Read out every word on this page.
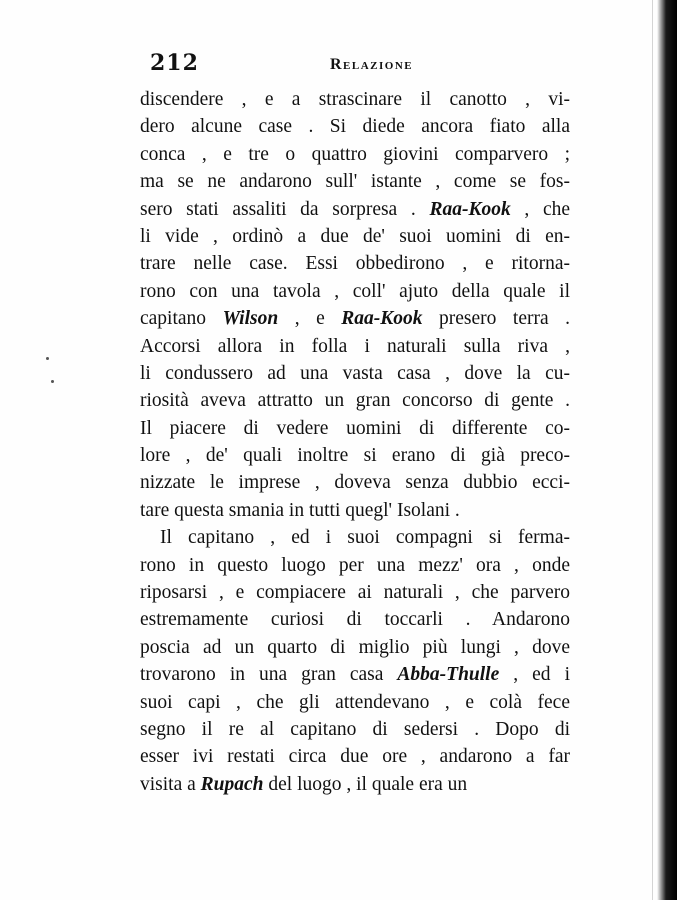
212	Relazione
discendere , e a strascinare il canotto , vi-
dero alcune case . Si diede ancora fiato alla
conca , e tre o quattro giovini comparvero ;
ma se ne andarono sull' istante , come se fos-
sero stati assaliti da sorpresa . Raa-Kook , che
li vide , ordinò a due de' suoi uomini di en-
trare nelle case. Essi obbedirono , e ritorna-
rono con una tavola , coll' ajuto della quale il
capitano Wilson , e Raa-Kook presero terra .
Accorsi allora in folla i naturali sulla riva ,
li condussero ad una vasta casa , dove la cu-
riosità aveva attratto un gran concorso di gente .
Il piacere di vedere uomini di differente co-
lore , de' quali inoltre si erano di già preco-
nizzate le imprese , doveva senza dubbio ecci-
tare questa smania in tutti quegl' Isolani .
Il capitano , ed i suoi compagni si ferma-
rono in questo luogo per una mezz' ora , onde
riposarsi , e compiacere ai naturali , che parvero
estremamente curiosi di toccarli . Andarono
poscia ad un quarto di miglio più lungi , dove
trovarono in una gran casa Abba-Thulle , ed i
suoi capi , che gli attendevano , e colà fece
segno il re al capitano di sedersi . Dopo di
esser ivi restati circa due ore , andarono a far
visita a Rupach del luogo , il quale era un
